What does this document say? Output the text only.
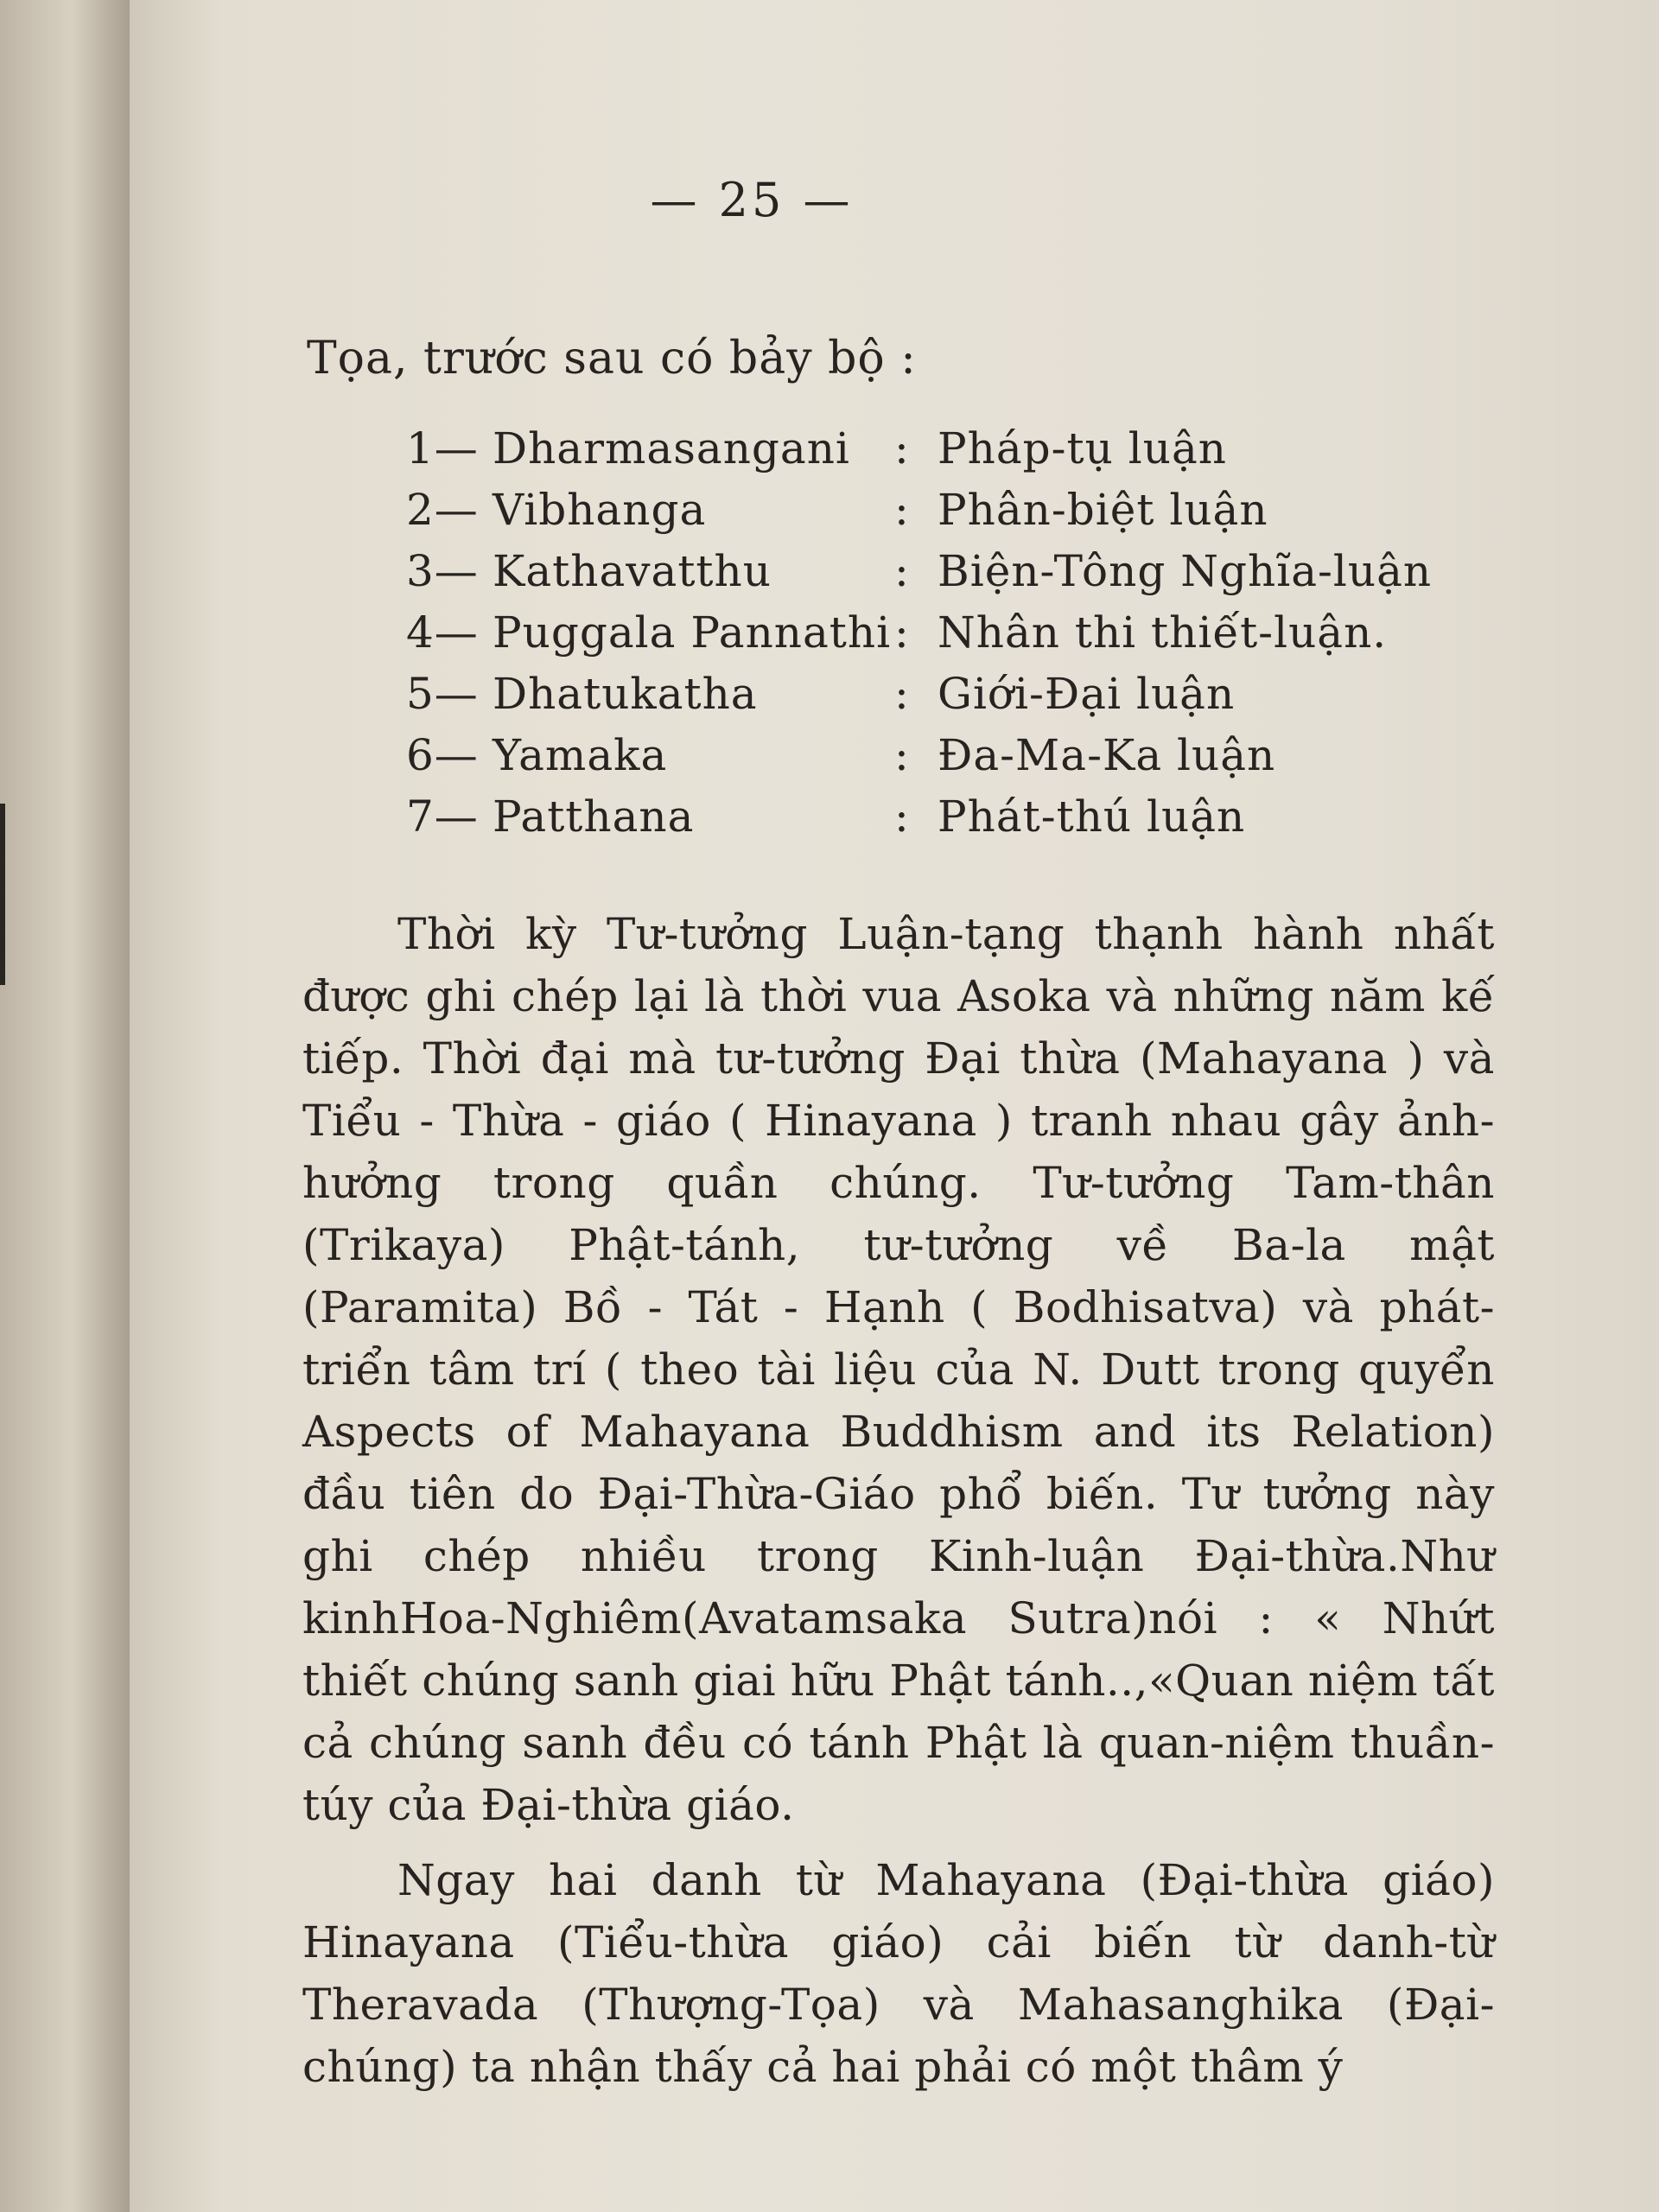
— 25 —
Tọa, trước sau có bảy bộ :
1— Dharmasangani : Pháp-tụ luận
2— Vibhanga	: Phân-biệt luận
3— Kathavatthu	: Biện-Tông Nghĩa-luận
4— Puggala Pannathi : Nhân thi thiết-luận.
5— Dhatukatha	: Giới-Đại luận
6— Yamaka	: Đa-Ma-Ka luận
7— Patthana	: Phát-thú luận

Thời kỳ Tư-tưởng Luận-tạng thạnh hành nhất được ghi chép lại là thời vua Asoka và những năm kế tiếp. Thời đại mà tư-tưởng Đại thừa (Mahayana ) và Tiểu - Thừa - giáo ( Hinayana ) tranh nhau gây ảnh-hưởng trong quần chúng. Tư-tưởng Tam-thân (Trikaya) Phật-tánh, tư-tưởng về Ba-la mật (Paramita) Bồ - Tát - Hạnh ( Bodhisatva) và phát-triển tâm trí ( theo tài liệu của N. Dutt trong quyển Aspects of Mahayana Buddhism and its Relation) đầu tiên do Đại-Thừa-Giáo phổ biến. Tư tưởng này ghi chép nhiều trong Kinh-luận Đại-thừa.Như kinhHoa-Nghiêm(Avatamsaka Sutra)nói : « Nhứt thiết chúng sanh giai hữu Phật tánh..,«Quan niệm tất cả chúng sanh đều có tánh Phật là quan-niệm thuần-túy của Đại-thừa giáo.

Ngay hai danh từ Mahayana (Đại-thừa giáo) Hinayana (Tiểu-thừa giáo) cải biến từ danh-từ Theravada (Thượng-Tọa) và Mahasanghika (Đại-chúng) ta nhận thấy cả hai phải có một thâm ý
